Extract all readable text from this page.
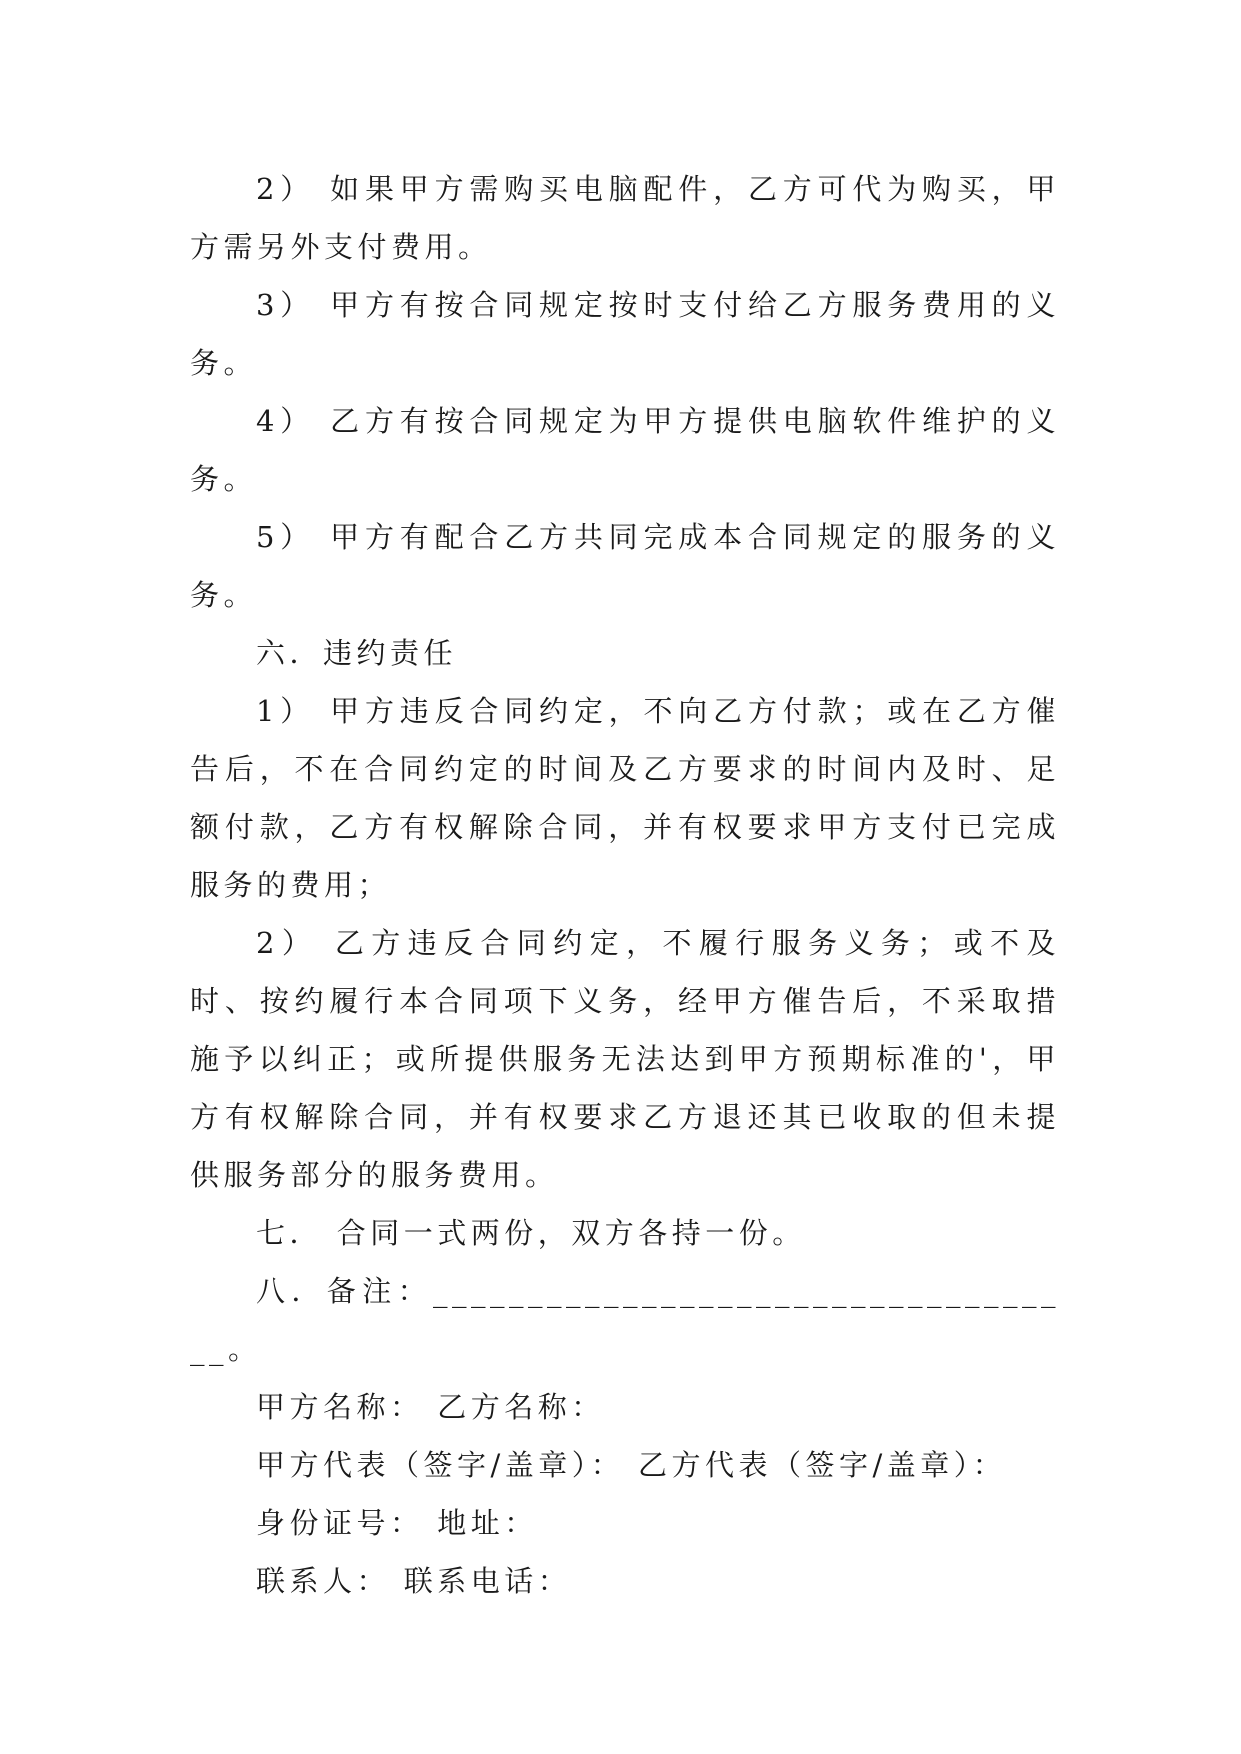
2） 如果甲方需购买电脑配件，乙方可代为购买，甲方需另外支付费用。

3） 甲方有按合同规定按时支付给乙方服务费用的义务。

4） 乙方有按合同规定为甲方提供电脑软件维护的义务。

5） 甲方有配合乙方共同完成本合同规定的服务的义务。

六．违约责任

1） 甲方违反合同约定，不向乙方付款；或在乙方催告后，不在合同约定的时间及乙方要求的时间内及时、足额付款，乙方有权解除合同，并有权要求甲方支付已完成服务的费用；

2） 乙方违反合同约定，不履行服务义务；或不及时、按约履行本合同项下义务，经甲方催告后，不采取措施予以纠正；或所提供服务无法达到甲方预期标准的'，甲方有权解除合同，并有权要求乙方退还其已收取的但未提供服务部分的服务费用。

七． 合同一式两份，双方各持一份。

八．备注：___________________________________。

甲方名称： 乙方名称：

甲方代表（签字/盖章）： 乙方代表（签字/盖章）：

身份证号： 地址：

联系人： 联系电话：
